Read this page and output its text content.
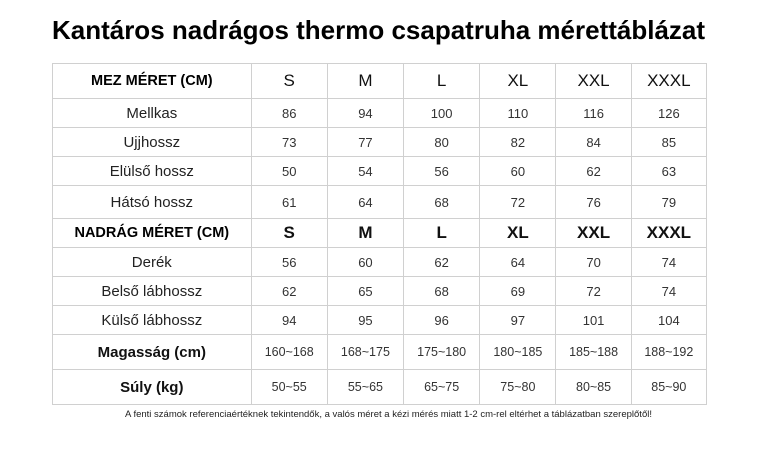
Kantáros nadrágos thermo csapatruha mérettáblázat
MEZ MÉRET (CM)	S	M	L	XL	XXL	XXXL
Mellkas	86	94	100	110	116	126
Ujjhossz	73	77	80	82	84	85
Elülső hossz	50	54	56	60	62	63
Hátsó hossz	61	64	68	72	76	79
NADRÁG MÉRET (CM)	S	M	L	XL	XXL	XXXL
Derék	56	60	62	64	70	74
Belső lábhossz	62	65	68	69	72	74
Külső lábhossz	94	95	96	97	101	104
Magasság (cm)	160~168	168~175	175~180	180~185	185~188	188~192
Súly (kg)	50~55	55~65	65~75	75~80	80~85	85~90

A fenti számok referenciaértéknek tekintendők, a valós méret a kézi mérés miatt 1-2 cm-rel eltérhet a táblázatban szereplőtől!
